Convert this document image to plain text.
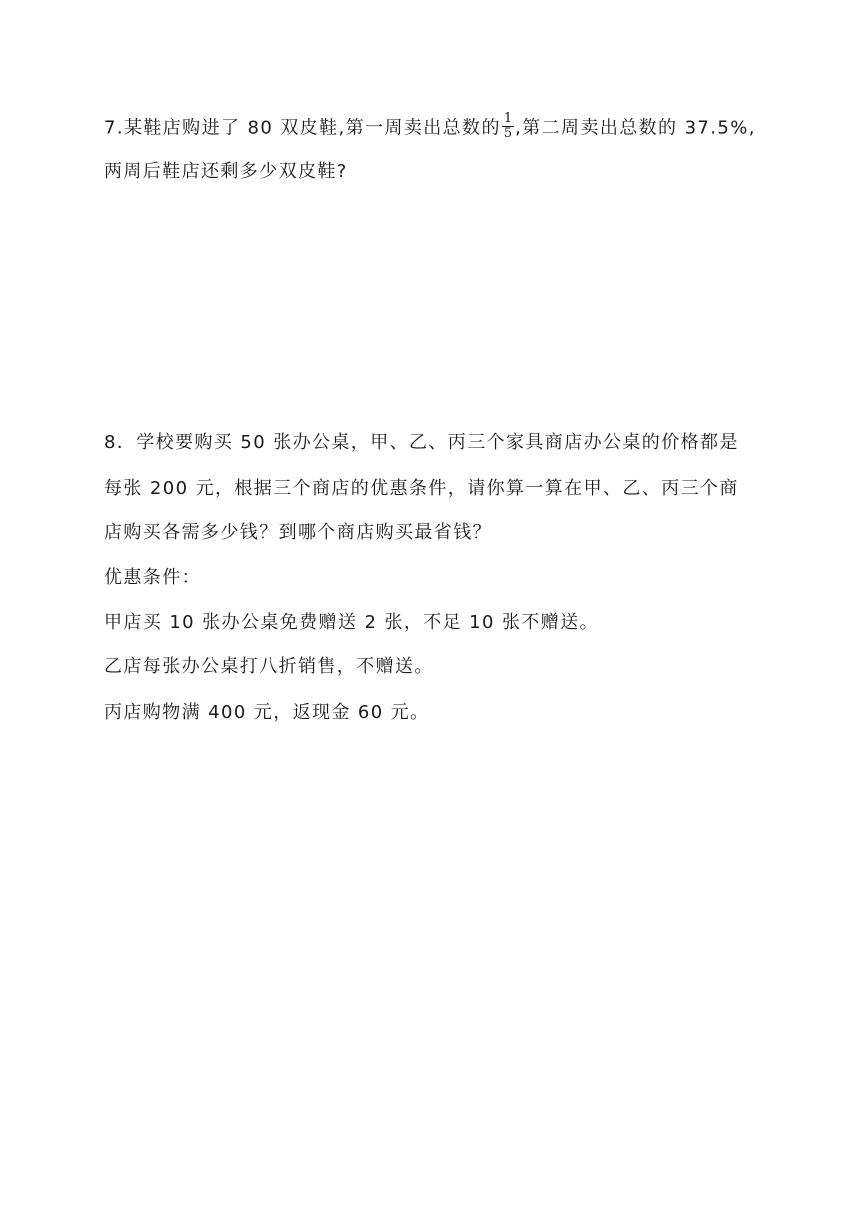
7.某鞋店购进了 80 双皮鞋,第一周卖出总数的 $\frac{1}{5}$ ,第二周卖出总数的 37.5%,
两周后鞋店还剩多少双皮鞋?
8．学校要购买 50 张办公桌，甲、乙、丙三个家具商店办公桌的价格都是
每张 200 元，根据三个商店的优惠条件，请你算一算在甲、乙、丙三个商
店购买各需多少钱？到哪个商店购买最省钱？
优惠条件：
甲店买 10 张办公桌免费赠送 2 张，不足 10 张不赠送。
乙店每张办公桌打八折销售，不赠送。
丙店购物满 400 元，返现金 60 元。
